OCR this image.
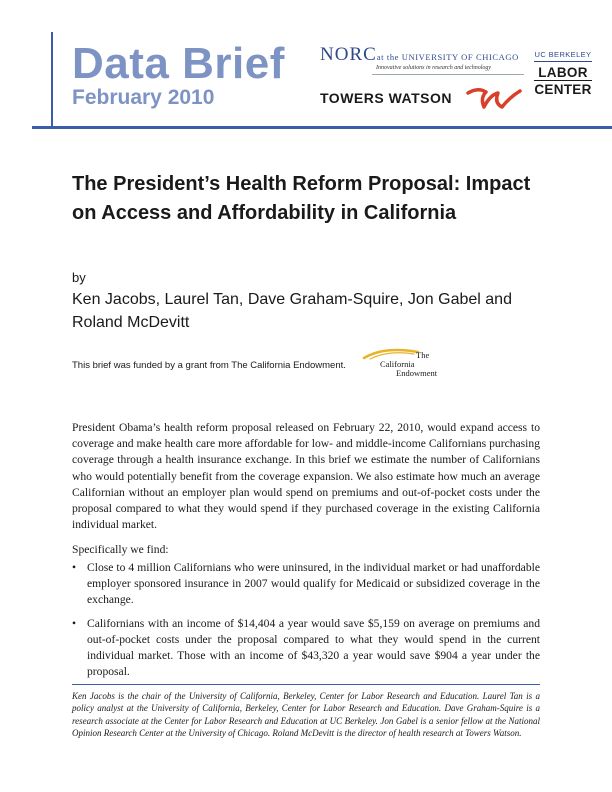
Data Brief
February 2010
NORCat the UNIVERSITY OF CHICAGO
Innovative solutions in research and technology
TOWERS WATSON
UC BERKELEY
LABOR
CENTER
The President’s Health Reform Proposal: Impact on Access and Affordability in California
by
Ken Jacobs, Laurel Tan, Dave Graham-Squire, Jon Gabel and Roland McDevitt
This brief was funded by a grant from The California Endowment.
The
California
Endowment

President Obama’s health reform proposal released on February 22, 2010, would expand access to coverage and make health care more affordable for low- and middle-income Californians purchasing coverage through a health insurance exchange. In this brief we estimate the number of Californians who would potentially benefit from the coverage expansion. We also estimate how much an average Californian without an employer plan would spend on premiums and out-of-pocket costs under the proposal compared to what they would spend if they purchased coverage in the existing California individual market.

Specifically we find:

• Close to 4 million Californians who were uninsured, in the individual market or had unaffordable employer sponsored insurance in 2007 would qualify for Medicaid or subsidized coverage in the exchange.
• Californians with an income of $14,404 a year would save $5,159 on average on premiums and out-of-pocket costs under the proposal compared to what they would spend in the current individual market. Those with an income of $43,320 a year would save $904 a year under the proposal.

Ken Jacobs is the chair of the University of California, Berkeley, Center for Labor Research and Education. Laurel Tan is a policy analyst at the University of California, Berkeley, Center for Labor Research and Education. Dave Graham-Squire is a research associate at the Center for Labor Research and Education at UC Berkeley. Jon Gabel is a senior fellow at the National Opinion Research Center at the University of Chicago. Roland McDevitt is the director of health research at Towers Watson.
